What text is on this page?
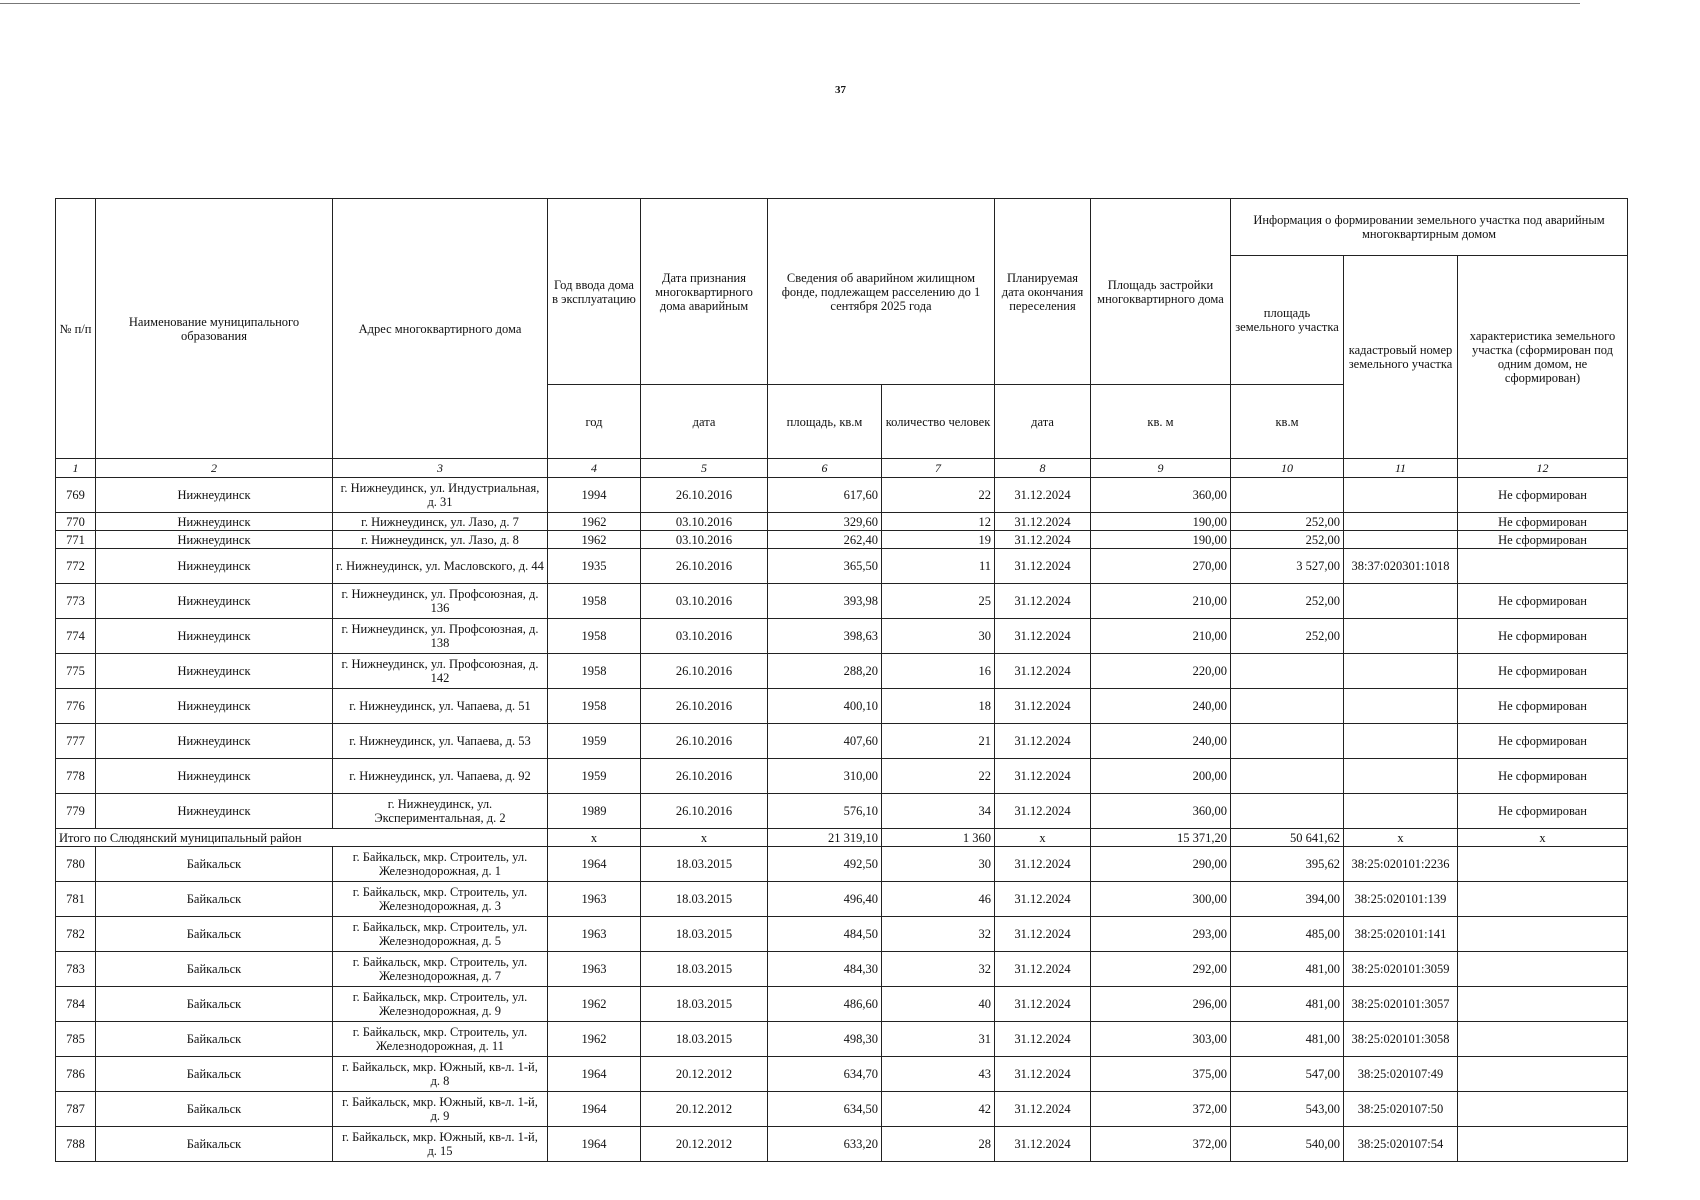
37
№ п/п	Наименование муниципального образования	Адрес многоквартирного дома	Год ввода дома в эксплуатацию	Дата признания многоквартирного дома аварийным	Сведения об аварийном жилищном фонде, подлежащем расселению до 1 сентября 2025 года		Планируемая дата окончания переселения	Площадь застройки многоквартирного дома	Информация о формировании земельного участка под аварийным многоквартирным домом		
									площадь земельного участка	кадастровый номер земельного участка	характеристика земельного участка (сформирован под одним домом, не сформирован)
			год	дата	площадь, кв.м	количество человек	дата	кв. м	кв.м		
1	2	3	4	5	6	7	8	9	10	11	12
769	Нижнеудинск	г. Нижнеудинск, ул. Индустриальная, д. 31	1994	26.10.2016	617,60	22	31.12.2024	360,00			Не сформирован
770	Нижнеудинск	г. Нижнеудинск, ул. Лазо, д. 7	1962	03.10.2016	329,60	12	31.12.2024	190,00	252,00		Не сформирован
771	Нижнеудинск	г. Нижнеудинск, ул. Лазо, д. 8	1962	03.10.2016	262,40	19	31.12.2024	190,00	252,00		Не сформирован
772	Нижнеудинск	г. Нижнеудинск, ул. Масловского, д. 44	1935	26.10.2016	365,50	11	31.12.2024	270,00	3 527,00	38:37:020301:1018	
773	Нижнеудинск	г. Нижнеудинск, ул. Профсоюзная, д. 136	1958	03.10.2016	393,98	25	31.12.2024	210,00	252,00		Не сформирован
774	Нижнеудинск	г. Нижнеудинск, ул. Профсоюзная, д. 138	1958	03.10.2016	398,63	30	31.12.2024	210,00	252,00		Не сформирован
775	Нижнеудинск	г. Нижнеудинск, ул. Профсоюзная, д. 142	1958	26.10.2016	288,20	16	31.12.2024	220,00			Не сформирован
776	Нижнеудинск	г. Нижнеудинск, ул. Чапаева, д. 51	1958	26.10.2016	400,10	18	31.12.2024	240,00			Не сформирован
777	Нижнеудинск	г. Нижнеудинск, ул. Чапаева, д. 53	1959	26.10.2016	407,60	21	31.12.2024	240,00			Не сформирован
778	Нижнеудинск	г. Нижнеудинск, ул. Чапаева, д. 92	1959	26.10.2016	310,00	22	31.12.2024	200,00			Не сформирован
779	Нижнеудинск	г. Нижнеудинск, ул. Экспериментальная, д. 2	1989	26.10.2016	576,10	34	31.12.2024	360,00			Не сформирован
Итого по Слюдянский муниципальный район			x	x	21 319,10	1 360	x	15 371,20	50 641,62	x	x
780	Байкальск	г. Байкальск, мкр. Строитель, ул. Железнодорожная, д. 1	1964	18.03.2015	492,50	30	31.12.2024	290,00	395,62	38:25:020101:2236	
781	Байкальск	г. Байкальск, мкр. Строитель, ул. Железнодорожная, д. 3	1963	18.03.2015	496,40	46	31.12.2024	300,00	394,00	38:25:020101:139	
782	Байкальск	г. Байкальск, мкр. Строитель, ул. Железнодорожная, д. 5	1963	18.03.2015	484,50	32	31.12.2024	293,00	485,00	38:25:020101:141	
783	Байкальск	г. Байкальск, мкр. Строитель, ул. Железнодорожная, д. 7	1963	18.03.2015	484,30	32	31.12.2024	292,00	481,00	38:25:020101:3059	
784	Байкальск	г. Байкальск, мкр. Строитель, ул. Железнодорожная, д. 9	1962	18.03.2015	486,60	40	31.12.2024	296,00	481,00	38:25:020101:3057	
785	Байкальск	г. Байкальск, мкр. Строитель, ул. Железнодорожная, д. 11	1962	18.03.2015	498,30	31	31.12.2024	303,00	481,00	38:25:020101:3058	
786	Байкальск	г. Байкальск, мкр. Южный, кв-л. 1-й, д. 8	1964	20.12.2012	634,70	43	31.12.2024	375,00	547,00	38:25:020107:49	
787	Байкальск	г. Байкальск, мкр. Южный, кв-л. 1-й, д. 9	1964	20.12.2012	634,50	42	31.12.2024	372,00	543,00	38:25:020107:50	
788	Байкальск	г. Байкальск, мкр. Южный, кв-л. 1-й, д. 15	1964	20.12.2012	633,20	28	31.12.2024	372,00	540,00	38:25:020107:54	
